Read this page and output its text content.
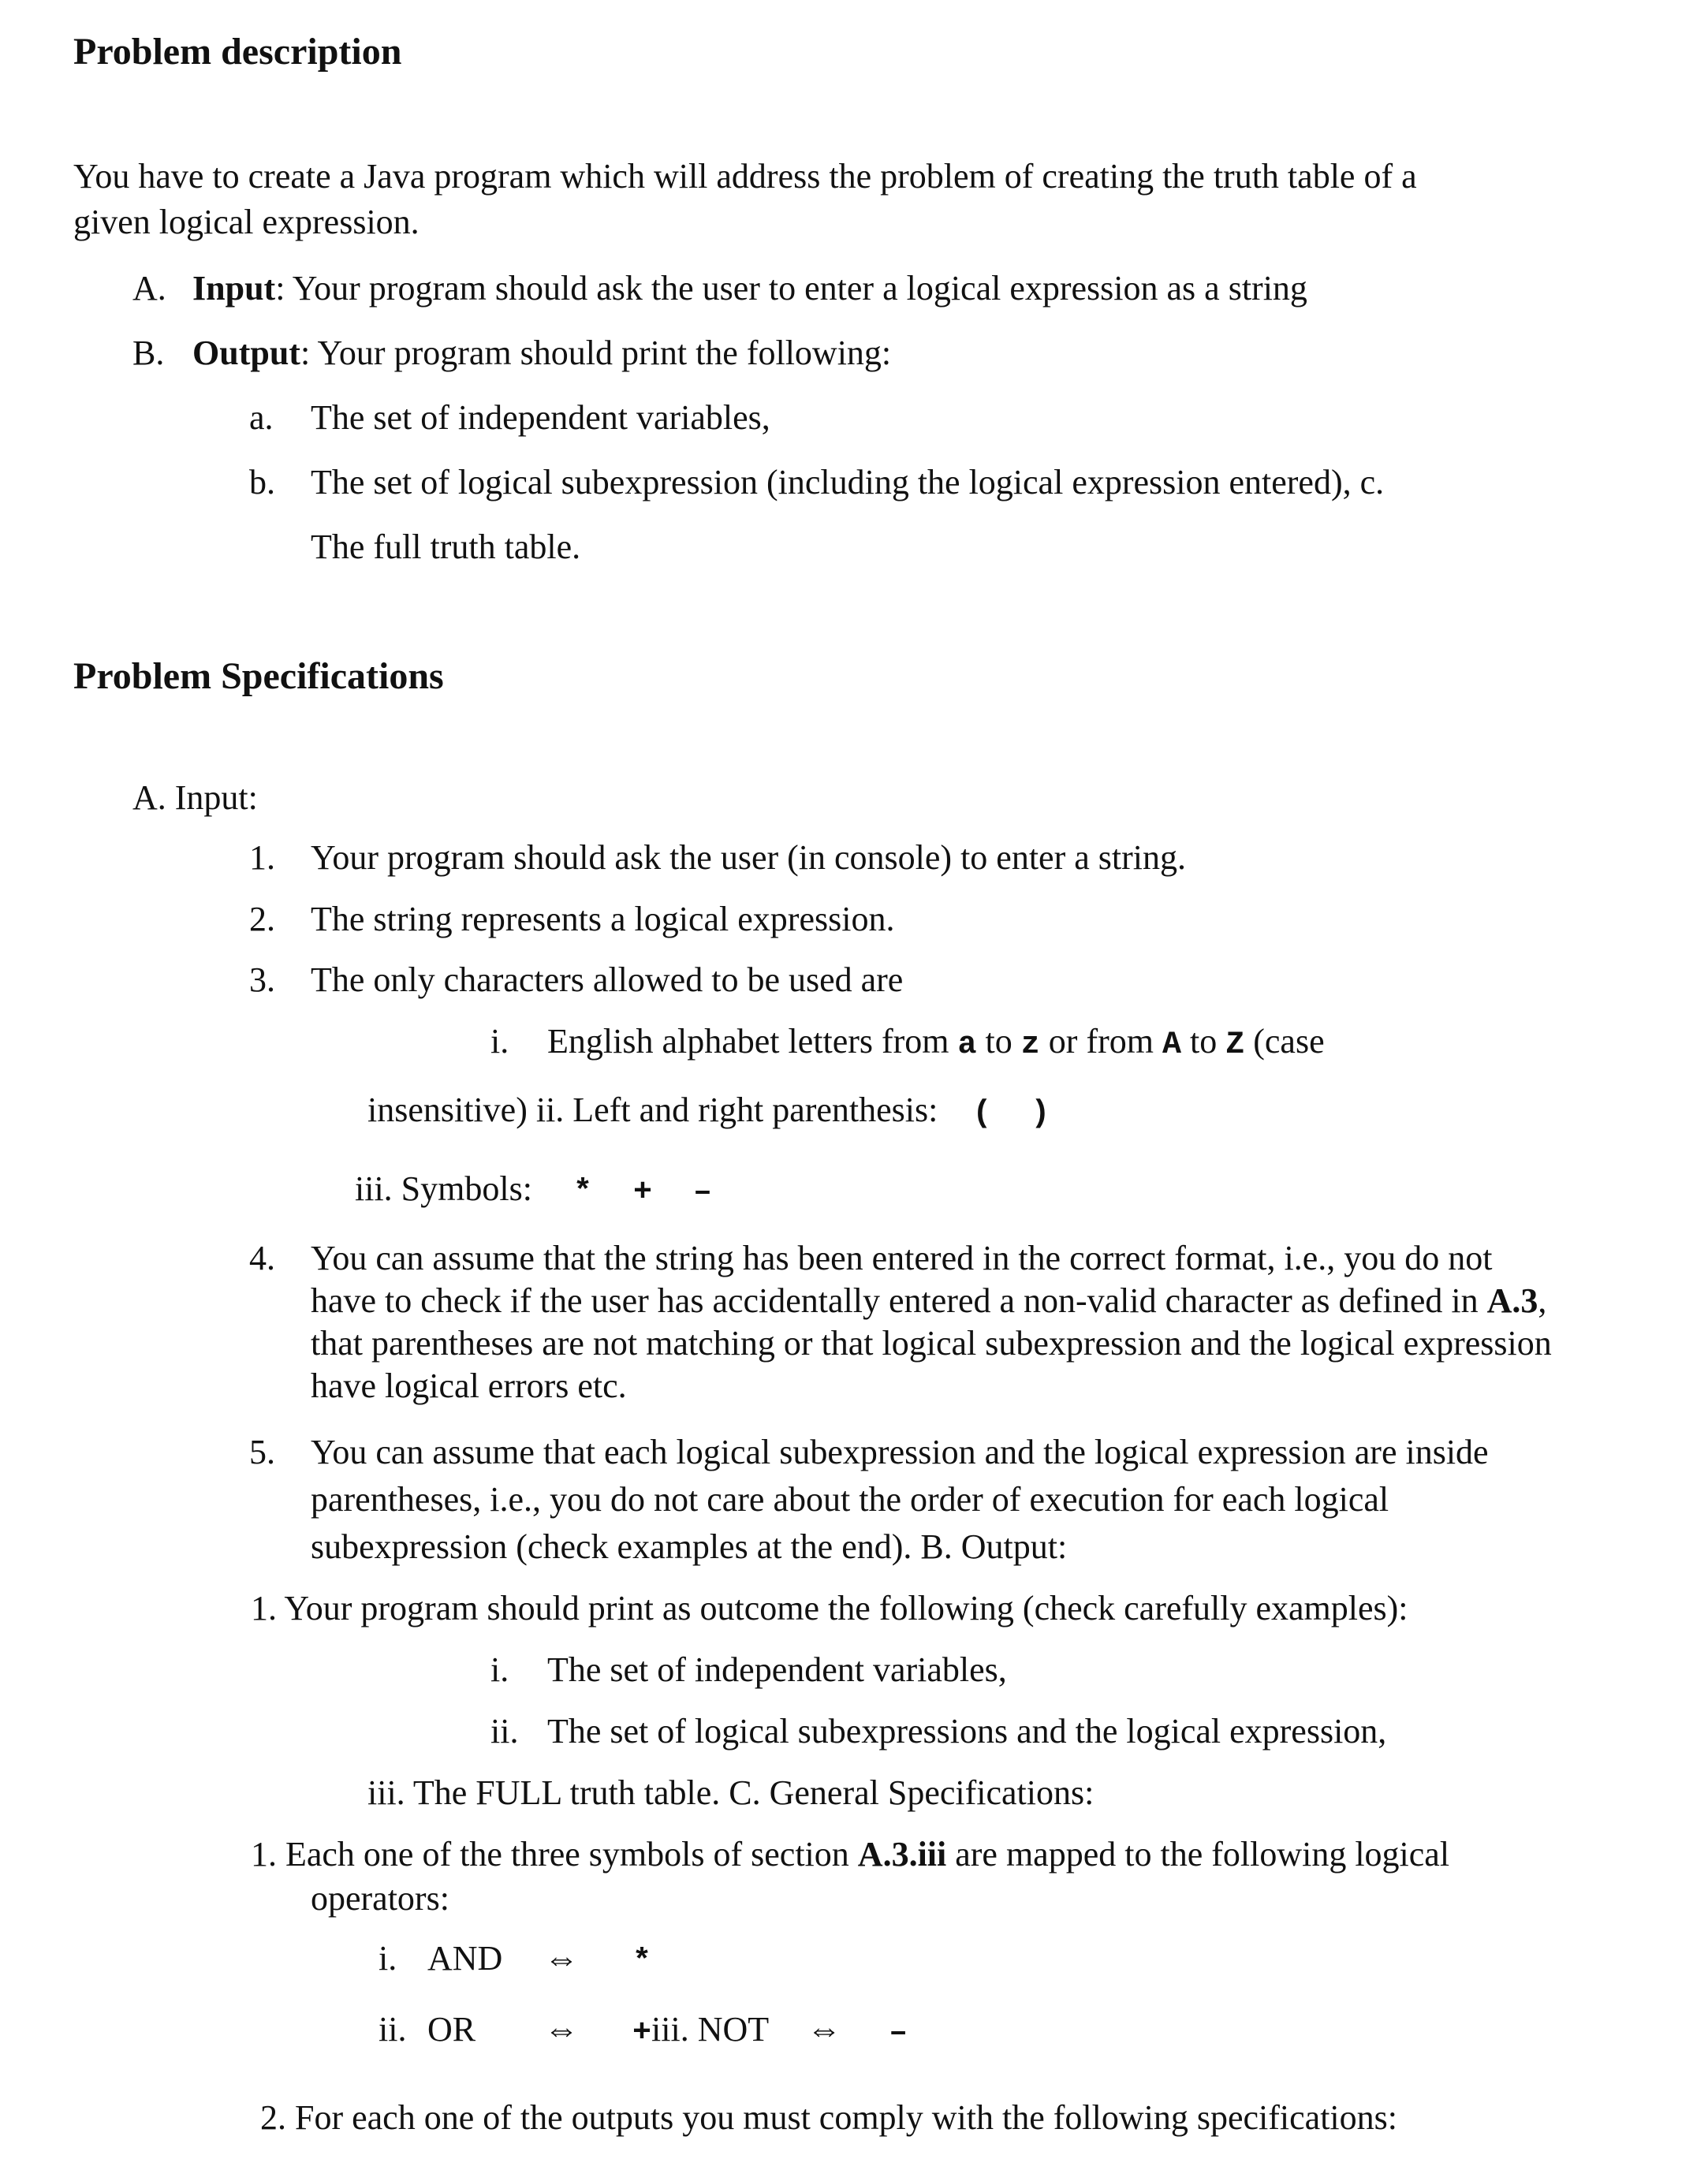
Problem description
You have to create a Java program which will address the problem of creating the truth table of a
given logical expression.
A. Input: Your program should ask the user to enter a logical expression as a string
B. Output: Your program should print the following:
a. The set of independent variables,
b. The set of logical subexpression (including the logical expression entered), c.
The full truth table.
Problem Specifications
A. Input:
1. Your program should ask the user (in console) to enter a string.
2. The string represents a logical expression.
3. The only characters allowed to be used are
i. English alphabet letters from a to z or from A to Z (case
insensitive) ii. Left and right parenthesis: ( )
iii. Symbols: * + –
4. You can assume that the string has been entered in the correct format, i.e., you do not
have to check if the user has accidentally entered a non-valid character as defined in A.3,
that parentheses are not matching or that logical subexpression and the logical expression
have logical errors etc.
5. You can assume that each logical subexpression and the logical expression are inside
parentheses, i.e., you do not care about the order of execution for each logical
subexpression (check examples at the end). B. Output:
1. Your program should print as outcome the following (check carefully examples):
i. The set of independent variables,
ii. The set of logical subexpressions and the logical expression,
iii. The FULL truth table. C. General Specifications:
1. Each one of the three symbols of section A.3.iii are mapped to the following logical
operators:
i. AND ⇔ *
ii. OR ⇔ +iii. NOT ⇔ –
2. For each one of the outputs you must comply with the following specifications:
